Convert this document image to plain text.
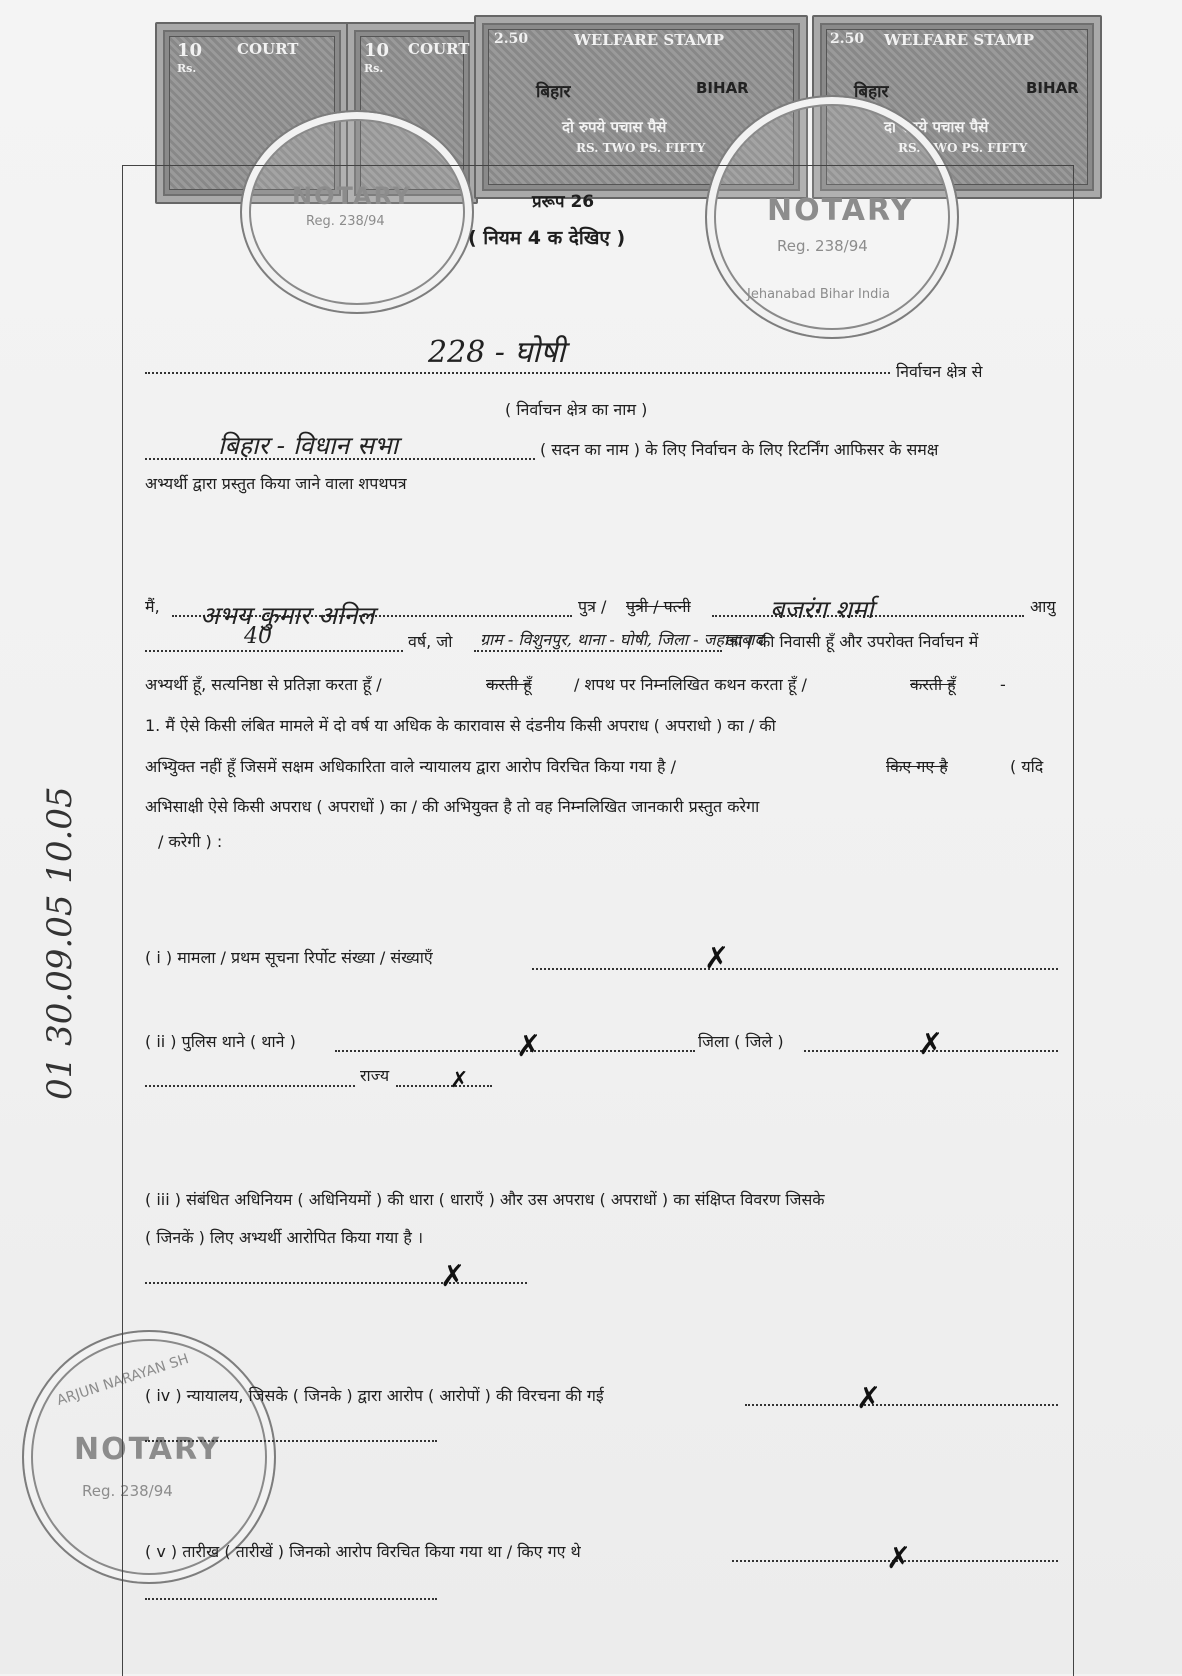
10
Rs.
COURT	10
Rs.
COURT
2.50	WELFARE STAMP
बिहार	BIHAR
दो रुपये पचास पैसे
RS. TWO PS. FIFTY
2.50 WELFARE STAMP
बिहार	BIHAR
दो रुपये पचास पैसे
RS. TWO PS. FIFTY
NOTARY
Reg. 238/94	NOTARY
Reg. 238/94
Jehanabad Bihar India
ARJUN NARAYAN SH
NOTARY
Reg. 238/94
01 30.09.05 10.05
प्ररूप 26
( नियम 4 क देखिए )
228 - घोषी
निर्वाचन क्षेत्र से
( निर्वाचन क्षेत्र का नाम )
बिहार - विधान सभा	( सदन का नाम ) के लिए निर्वाचन के लिए रिटर्निंग आफिसर के समक्ष
अभ्यर्थी द्वारा प्रस्तुत किया जाने वाला शपथपत्र
मैं, अभय कुमार अनिल	पुत्र / पुत्री / पत्नी	बजरंग शर्मा	आयु
40	वर्ष, जो ग्राम - विशुनपुर, थाना - घोषी, जिला - जहानाबाद
का / की निवासी हूँ और उपरोक्त निर्वाचन में
अभ्यर्थी हूँ, सत्यनिष्ठा से प्रतिज्ञा करता हूँ /	करती हूँ	/ शपथ पर निम्नलिखित कथन करता हूँ /	करती हूँ	-
1. मैं ऐसे किसी लंबित मामले में दो वर्ष या अधिक के कारावास से दंडनीय किसी अपराध ( अपराधो ) का / की
अभ्युिक्त नहीं हूँ जिसमें सक्षम अधिकारिता वाले न्यायालय द्वारा आरोप विरचित किया गया है /	किए गए है	( यदि
अभिसाक्षी ऐसे किसी अपराध ( अपराधों ) का / की अभियुक्त है तो वह निम्नलिखित जानकारी प्रस्तुत करेगा
/ करेगी ) :
( i ) मामला / प्रथम सूचना रिर्पोट संख्या / संख्याएँ	✗
( ii ) पुलिस थाने ( थाने )	✗	जिला ( जिले )	✗
राज्य	✗
( iii ) संबंधित अधिनियम ( अधिनियमों ) की धारा ( धाराएँ ) और उस अपराध ( अपराधों ) का संक्षिप्त विवरण जिसके
( जिनकें ) लिए अभ्यर्थी आरोपित किया गया है ।
✗
( iv ) न्यायालय, जिसके ( जिनके ) द्वारा आरोप ( आरोपों ) की विरचना की गई	✗
( v ) तारीख ( तारीखें ) जिनको आरोप विरचित किया गया था / किए गए थे	✗
